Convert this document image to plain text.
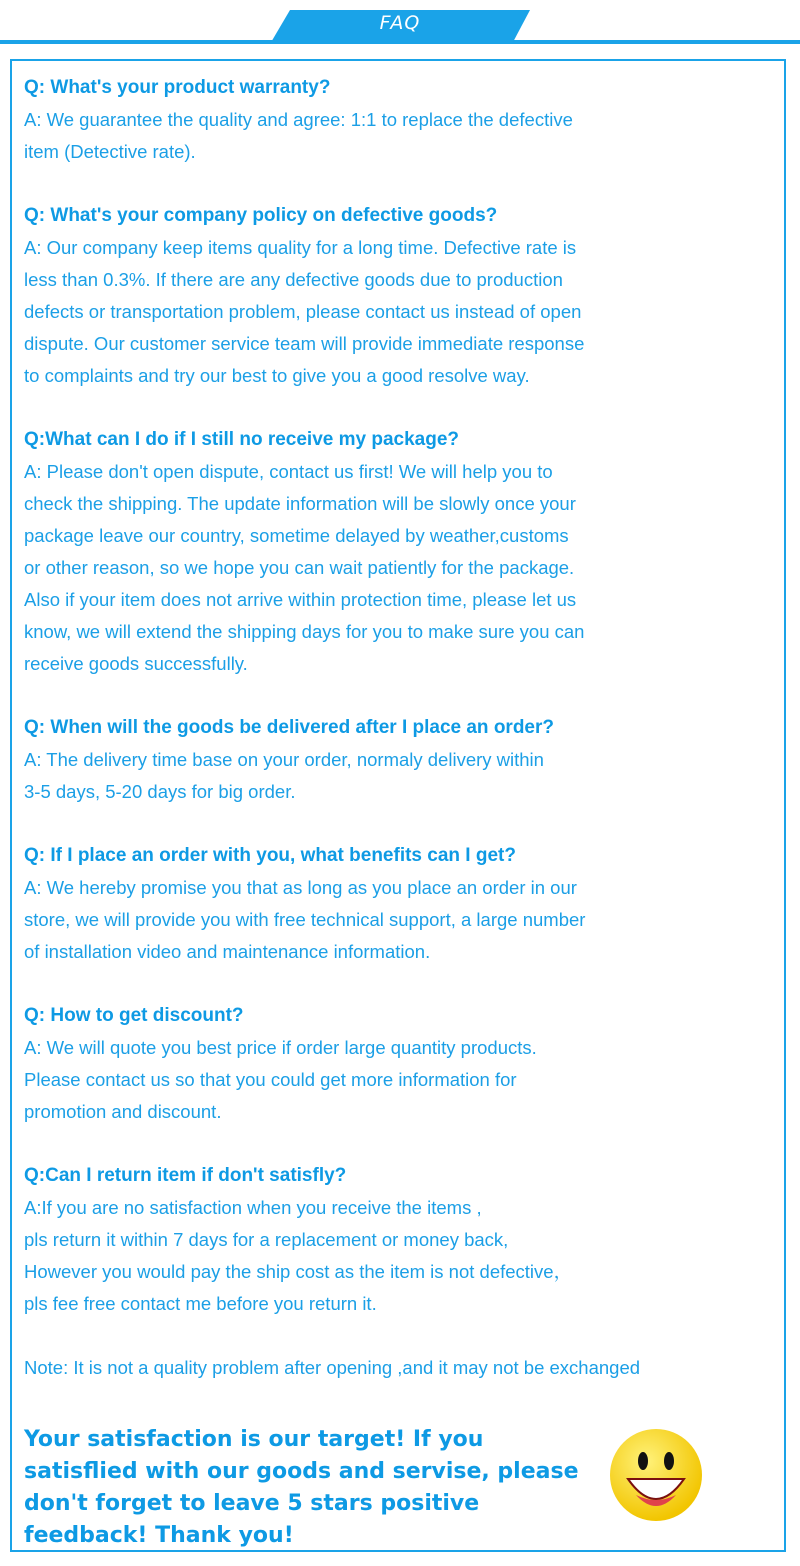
FAQ
Q: What's your product warranty?
A: We guarantee the quality and agree: 1:1 to replace the defective
item (Detective rate).
Q: What's your company policy on defective goods?
A: Our company keep items quality for a long time. Defective rate is
less than 0.3%. If there are any defective goods due to production
defects or transportation problem, please contact us instead of open
dispute. Our customer service team will provide immediate response
to complaints and try our best to give you a good resolve way.
Q:What can I do if I still no receive my package?
A: Please don't open dispute, contact us first! We will help you to
check the shipping. The update information will be slowly once your
package leave our country, sometime delayed by weather,customs
or other reason, so we hope you can wait patiently for the package.
Also if your item does not arrive within protection time, please let us
know, we will extend the shipping days for you to make sure you can
receive goods successfully.
Q: When will the goods be delivered after I place an order?
A: The delivery time base on your order, normaly delivery within
3-5 days, 5-20 days for big order.
Q: If I place an order with you, what benefits can I get?
A: We hereby promise you that as long as you place an order in our
store, we will provide you with free technical support, a large number
of installation video and maintenance information.
Q: How to get discount?
A: We will quote you best price if order large quantity products.
Please contact us so that you could get more information for
promotion and discount.
Q:Can I return item if don't satisfly?
A:If you are no satisfaction when you receive the items ,
pls return it within 7 days for a replacement or money back,
However you would pay the ship cost as the item is not defective，
pls fee free contact me before you return it.
Note: It is not a quality problem after opening ,and it may not be exchanged
Your satisfaction is our target! If you satisflied with our goods and servise, please don't forget to leave 5 stars positive feedback! Thank you!
